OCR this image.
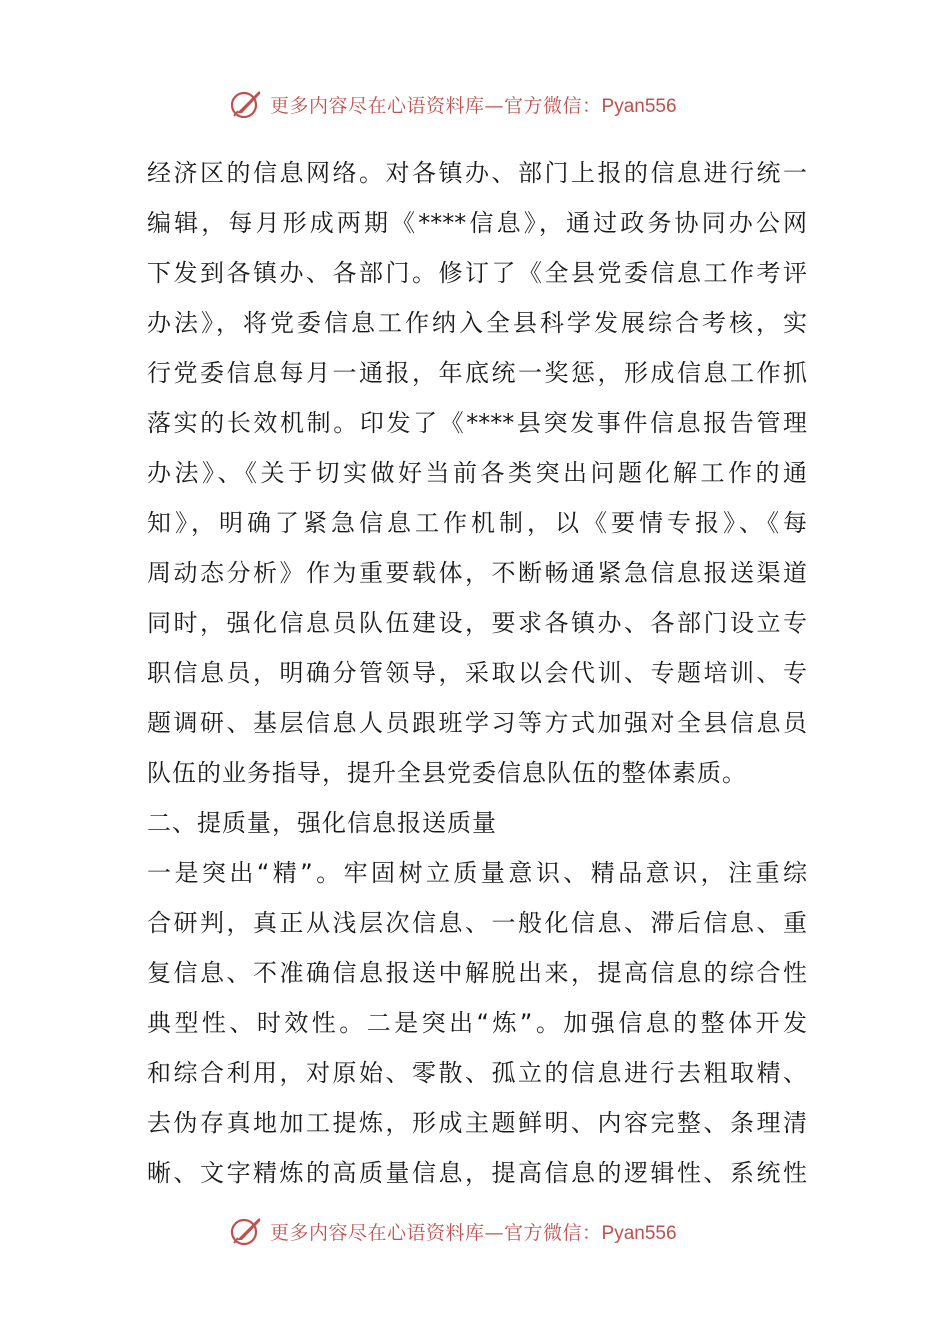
更多内容尽在心语资料库—官方微信：Pyan556
经济区的信息网络。对各镇办、部门上报的信息进行统一
编辑，每月形成两期《****信息》，通过政务协同办公网
下发到各镇办、各部门。修订了《全县党委信息工作考评
办法》，将党委信息工作纳入全县科学发展综合考核，实
行党委信息每月一通报，年底统一奖惩，形成信息工作抓
落实的长效机制。印发了《****县突发事件信息报告管理
办法》、《关于切实做好当前各类突出问题化解工作的通
知》，明确了紧急信息工作机制，以《要情专报》、《每
周动态分析》作为重要载体，不断畅通紧急信息报送渠道
同时，强化信息员队伍建设，要求各镇办、各部门设立专
职信息员，明确分管领导，采取以会代训、专题培训、专
题调研、基层信息人员跟班学习等方式加强对全县信息员
队伍的业务指导，提升全县党委信息队伍的整体素质。
二、提质量，强化信息报送质量
一是突出“精”。牢固树立质量意识、精品意识，注重综
合研判，真正从浅层次信息、一般化信息、滞后信息、重
复信息、不准确信息报送中解脱出来，提高信息的综合性
典型性、时效性。二是突出“炼”。加强信息的整体开发
和综合利用，对原始、零散、孤立的信息进行去粗取精、
去伪存真地加工提炼，形成主题鲜明、内容完整、条理清
晰、文字精炼的高质量信息，提高信息的逻辑性、系统性
更多内容尽在心语资料库—官方微信：Pyan556
